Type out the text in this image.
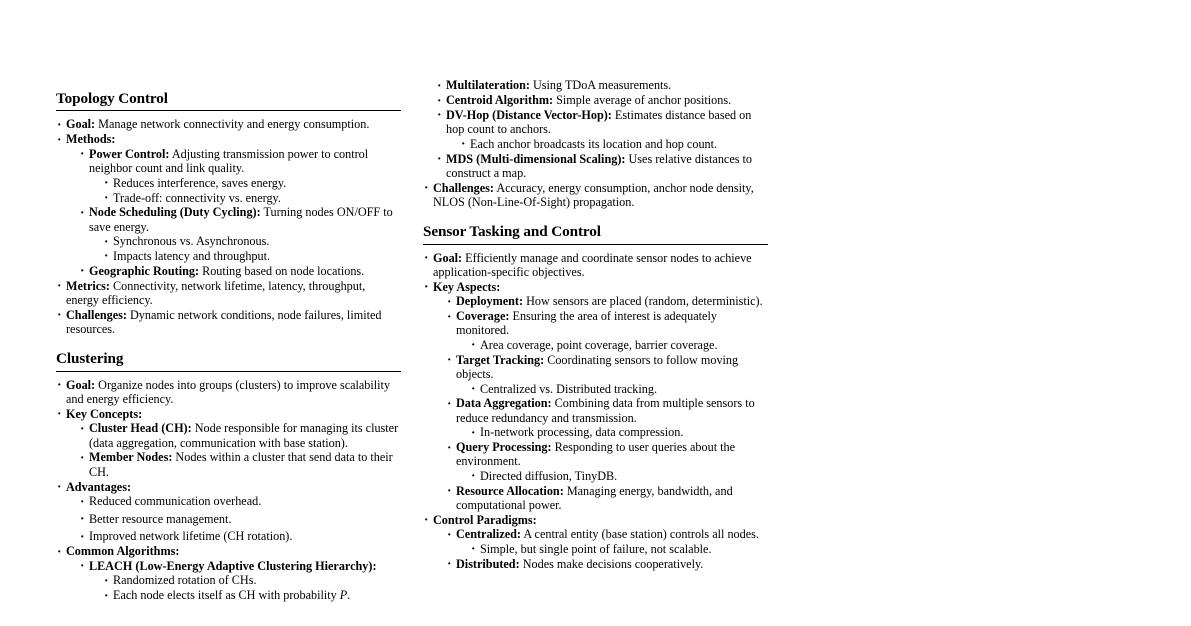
Topology Control
· Goal: Manage network connectivity and energy consumption.
· Methods:
· Power Control: Adjusting transmission power to control neighbor count and link quality.
· Reduces interference, saves energy.
· Trade-off: connectivity vs. energy.
· Node Scheduling (Duty Cycling): Turning nodes ON/OFF to save energy.
· Synchronous vs. Asynchronous.
· Impacts latency and throughput.
· Geographic Routing: Routing based on node locations.
· Metrics: Connectivity, network lifetime, latency, throughput, energy efficiency.
· Challenges: Dynamic network conditions, node failures, limited resources.
Clustering
· Goal: Organize nodes into groups (clusters) to improve scalability and energy efficiency.
· Key Concepts:
· Cluster Head (CH): Node responsible for managing its cluster (data aggregation, communication with base station).
· Member Nodes: Nodes within a cluster that send data to their CH.
· Advantages:
· Reduced communication overhead.
· Better resource management.
· Improved network lifetime (CH rotation).
· Common Algorithms:
· LEACH (Low-Energy Adaptive Clustering Hierarchy):
· Randomized rotation of CHs.
· Each node elects itself as CH with probability P.
· Multilateration: Using TDoA measurements.
· Centroid Algorithm: Simple average of anchor positions.
· DV-Hop (Distance Vector-Hop): Estimates distance based on hop count to anchors.
· Each anchor broadcasts its location and hop count.
· MDS (Multi-dimensional Scaling): Uses relative distances to construct a map.
· Challenges: Accuracy, energy consumption, anchor node density, NLOS (Non-Line-Of-Sight) propagation.
Sensor Tasking and Control
· Goal: Efficiently manage and coordinate sensor nodes to achieve application-specific objectives.
· Key Aspects:
· Deployment: How sensors are placed (random, deterministic).
· Coverage: Ensuring the area of interest is adequately monitored.
· Area coverage, point coverage, barrier coverage.
· Target Tracking: Coordinating sensors to follow moving objects.
· Centralized vs. Distributed tracking.
· Data Aggregation: Combining data from multiple sensors to reduce redundancy and transmission.
· In-network processing, data compression.
· Query Processing: Responding to user queries about the environment.
· Directed diffusion, TinyDB.
· Resource Allocation: Managing energy, bandwidth, and computational power.
· Control Paradigms:
· Centralized: A central entity (base station) controls all nodes.
· Simple, but single point of failure, not scalable.
· Distributed: Nodes make decisions cooperatively.
